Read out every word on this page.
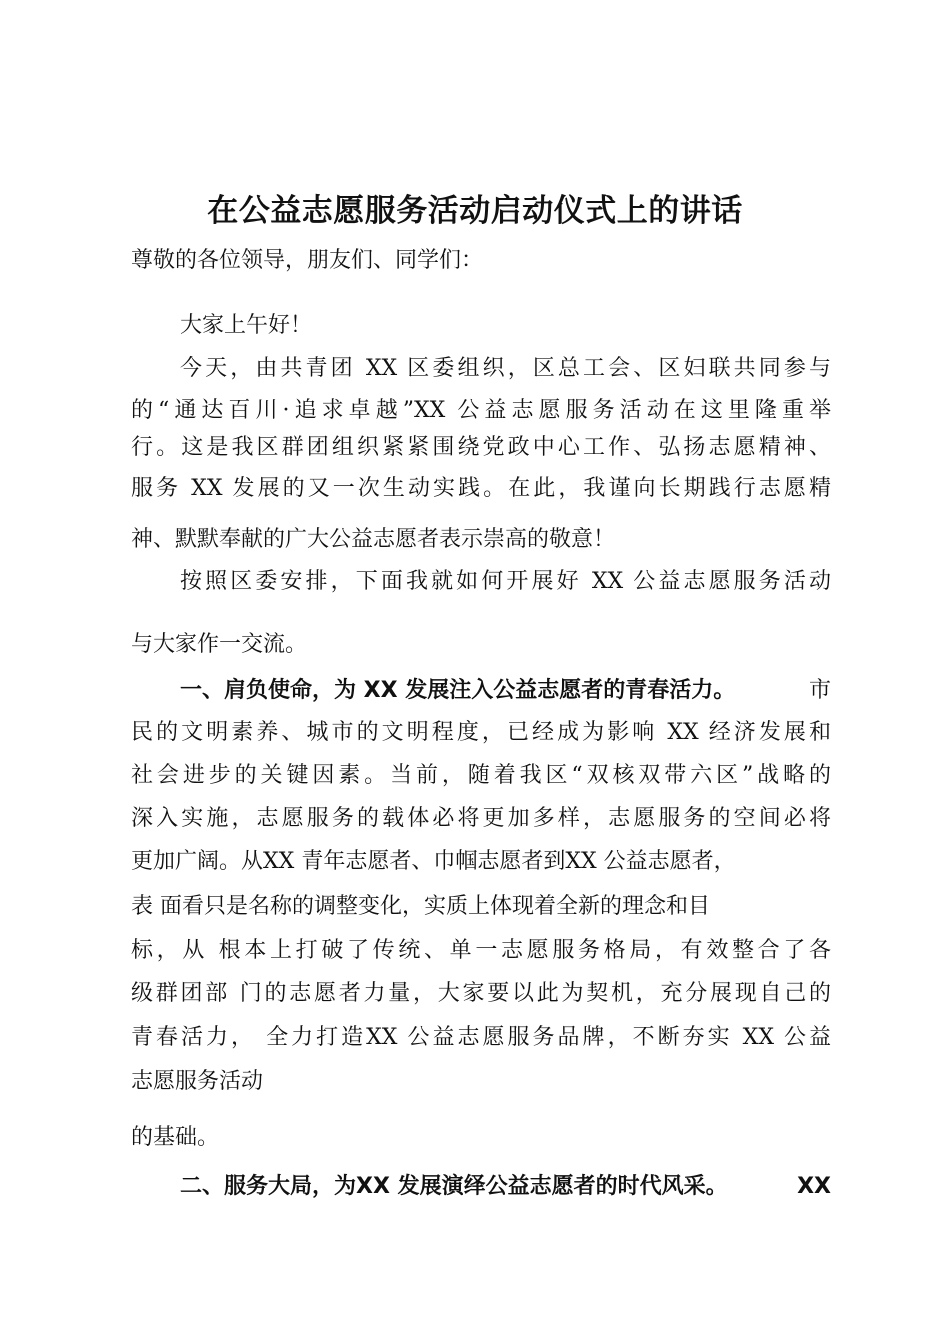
在公益志愿服务活动启动仪式上的讲话
尊敬的各位领导，朋友们、同学们：
大家上午好！
今天，由共青团 XX 区委组织，区总工会、区妇联共同参与
的“通达百川·追求卓越”XX 公益志愿服务活动在这里隆重举
行。这是我区群团组织紧紧围绕党政中心工作、弘扬志愿精神、
服务 XX 发展的又一次生动实践。在此，我谨向长期践行志愿精
神、默默奉献的广大公益志愿者表示崇高的敬意！
按照区委安排，下面我就如何开展好 XX 公益志愿服务活动
与大家作一交流。
一、肩负使命，为 XX 发展注入公益志愿者的青春活力。	市
民的文明素养、城市的文明程度，已经成为影响 XX 经济发展和
社会进步的关键因素。当前，随着我区“双核双带六区”战略的
深入实施，志愿服务的载体必将更加多样，志愿服务的空间必将
更加广阔。从XX 青年志愿者、巾帼志愿者到XX 公益志愿者，
表 面看只是名称的调整变化，实质上体现着全新的理念和目
标，从 根本上打破了传统、单一志愿服务格局，有效整合了各
级群团部 门的志愿者力量，大家要以此为契机，充分展现自己的
青春活力， 全力打造XX 公益志愿服务品牌，不断夯实 XX 公益
志愿服务活动
的基础。
二、服务大局，为XX 发展演绎公益志愿者的时代风采。	XX
